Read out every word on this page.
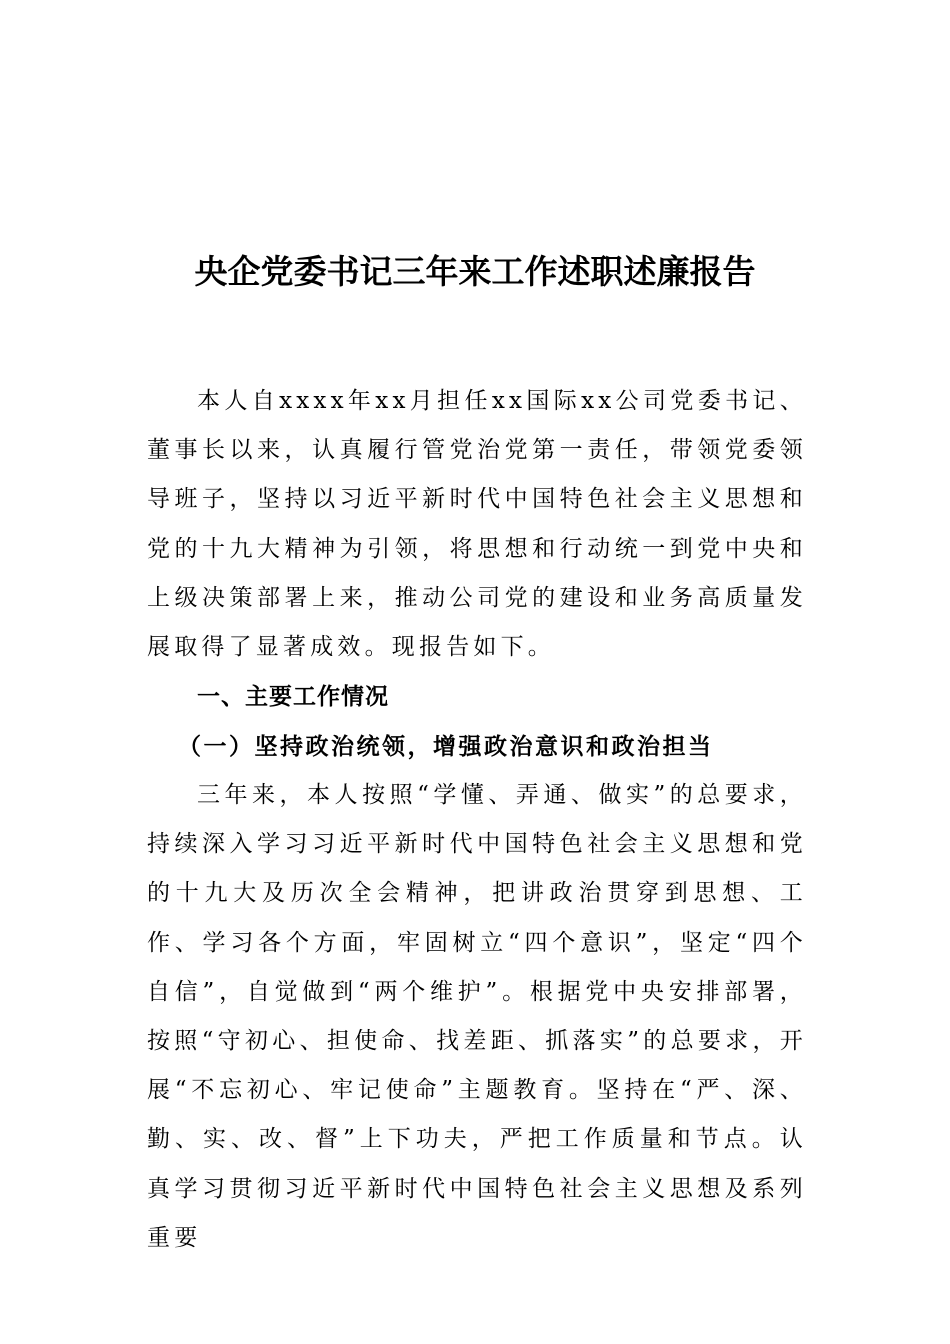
央企党委书记三年来工作述职述廉报告

本人自xxxx年xx月担任xx国际xx公司党委书记、董事长以来，认真履行管党治党第一责任，带领党委领导班子，坚持以习近平新时代中国特色社会主义思想和党的十九大精神为引领，将思想和行动统一到党中央和上级决策部署上来，推动公司党的建设和业务高质量发展取得了显著成效。现报告如下。

一、主要工作情况
（一）坚持政治统领，增强政治意识和政治担当

三年来，本人按照“学懂、弄通、做实”的总要求，持续深入学习习近平新时代中国特色社会主义思想和党的十九大及历次全会精神，把讲政治贯穿到思想、工作、学习各个方面，牢固树立“四个意识”，坚定“四个自信”，自觉做到“两个维护”。根据党中央安排部署，按照“守初心、担使命、找差距、抓落实”的总要求，开展“不忘初心、牢记使命”主题教育。坚持在“严、深、勤、实、改、督”上下功夫，严把工作质量和节点。认真学习贯彻习近平新时代中国特色社会主义思想及系列重要
